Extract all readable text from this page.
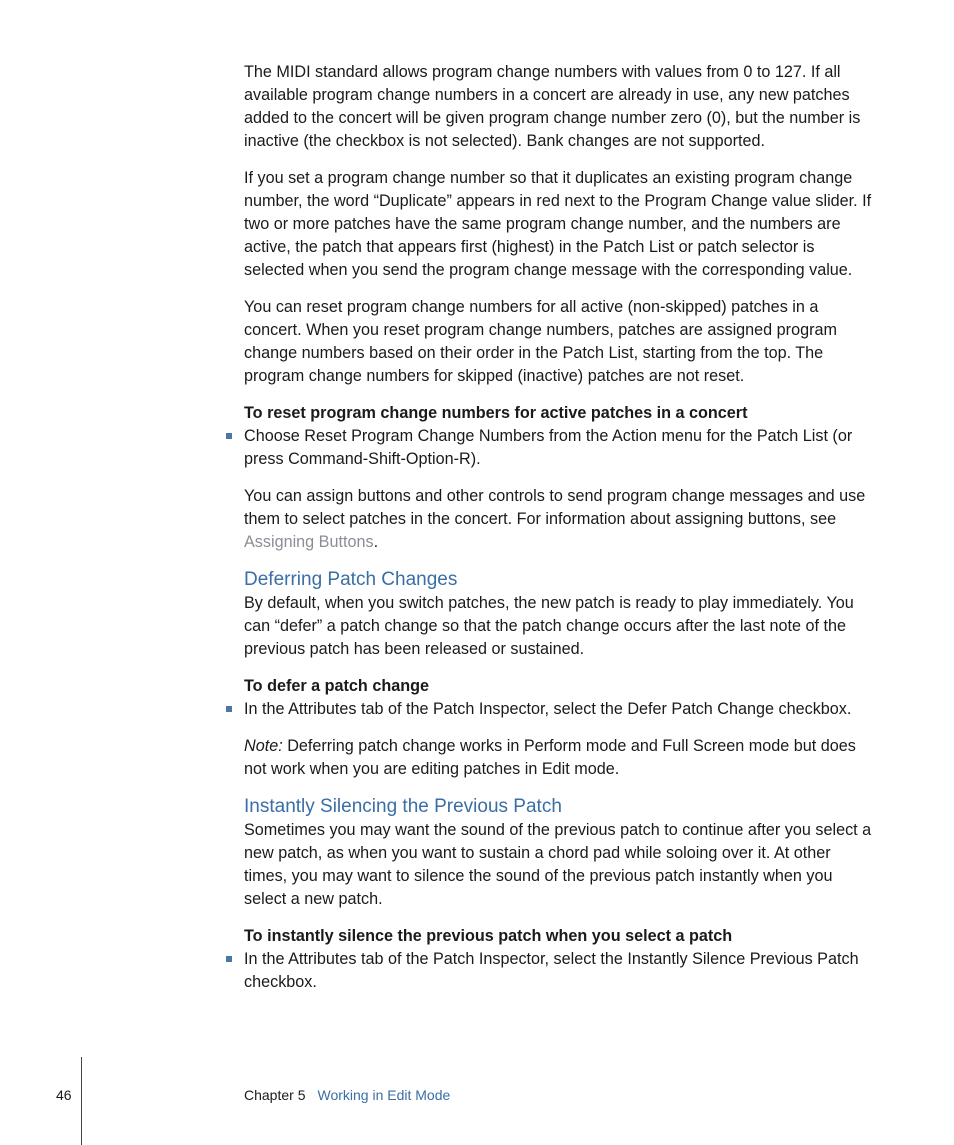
The MIDI standard allows program change numbers with values from 0 to 127. If all available program change numbers in a concert are already in use, any new patches added to the concert will be given program change number zero (0), but the number is inactive (the checkbox is not selected). Bank changes are not supported.

If you set a program change number so that it duplicates an existing program change number, the word “Duplicate” appears in red next to the Program Change value slider. If two or more patches have the same program change number, and the numbers are active, the patch that appears first (highest) in the Patch List or patch selector is selected when you send the program change message with the corresponding value.

You can reset program change numbers for all active (non-skipped) patches in a concert. When you reset program change numbers, patches are assigned program change numbers based on their order in the Patch List, starting from the top. The program change numbers for skipped (inactive) patches are not reset.

To reset program change numbers for active patches in a concert

Choose Reset Program Change Numbers from the Action menu for the Patch List (or press Command-Shift-Option-R).

You can assign buttons and other controls to send program change messages and use them to select patches in the concert. For information about assigning buttons, see Assigning Buttons.

Deferring Patch Changes

By default, when you switch patches, the new patch is ready to play immediately. You can “defer” a patch change so that the patch change occurs after the last note of the previous patch has been released or sustained.

To defer a patch change

In the Attributes tab of the Patch Inspector, select the Defer Patch Change checkbox.

Note: Deferring patch change works in Perform mode and Full Screen mode but does not work when you are editing patches in Edit mode.

Instantly Silencing the Previous Patch

Sometimes you may want the sound of the previous patch to continue after you select a new patch, as when you want to sustain a chord pad while soloing over it. At other times, you may want to silence the sound of the previous patch instantly when you select a new patch.

To instantly silence the previous patch when you select a patch

In the Attributes tab of the Patch Inspector, select the Instantly Silence Previous Patch checkbox.
46	Chapter 5 Working in Edit Mode
